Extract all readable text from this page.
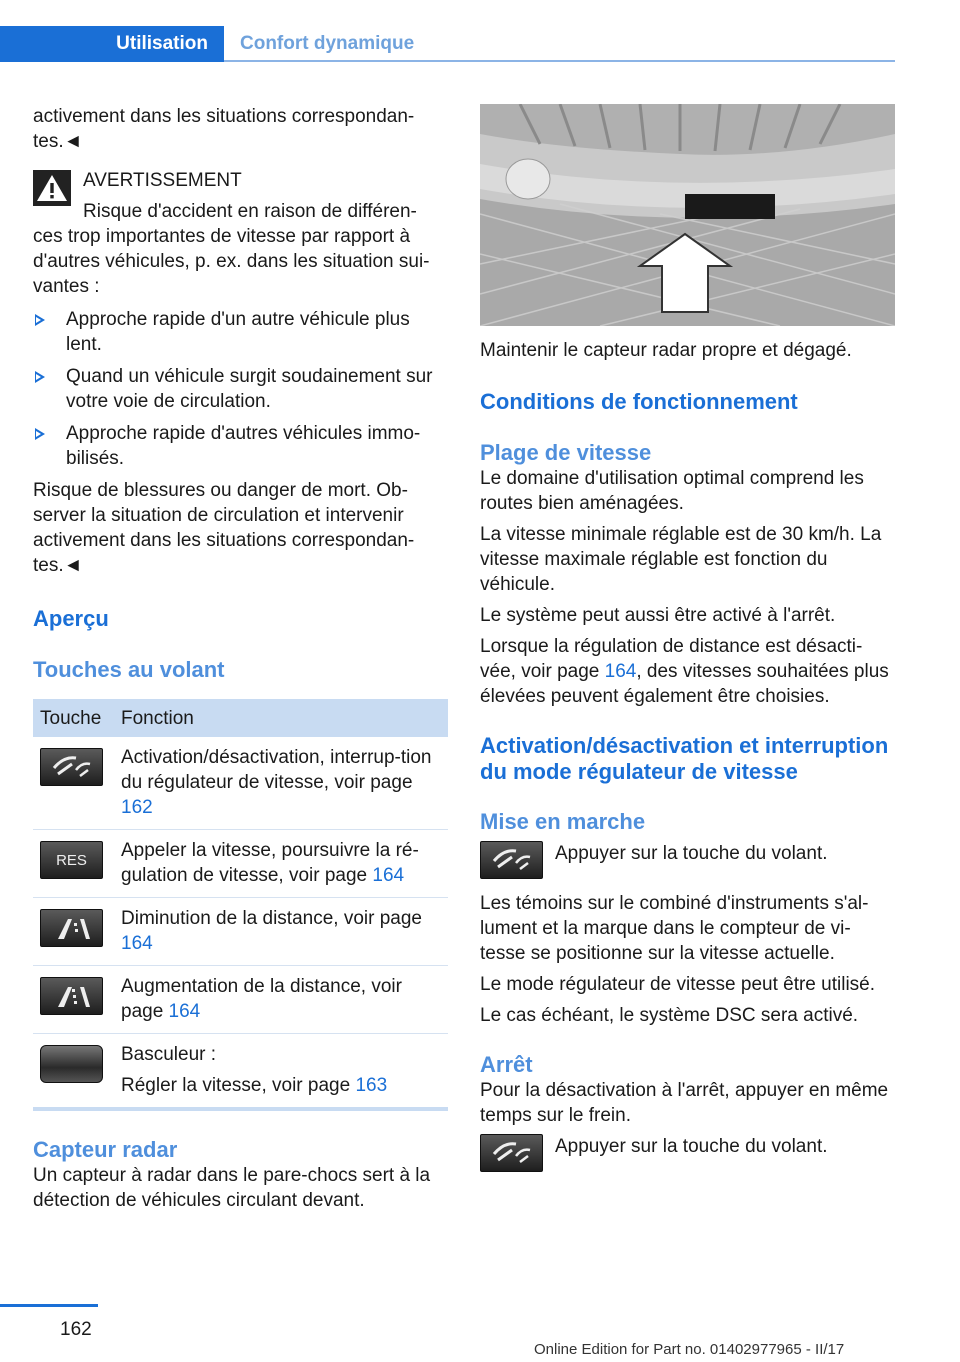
Utilisation	Confort dynamique

activement dans les situations correspondan-tes.◄

AVERTISSEMENT

Risque d'accident en raison de différen-

ces trop importantes de vitesse par rapport à d'autres véhicules, p. ex. dans les situation sui-vantes :

Approche rapide d'un autre véhicule plus lent.
Quand un véhicule surgit soudainement sur votre voie de circulation.
Approche rapide d'autres véhicules immo-bilisés.

Risque de blessures ou danger de mort. Ob-server la situation de circulation et intervenir activement dans les situations correspondan-tes.◄

Aperçu
Touches au volant
Touche	Fonction
Activation/désactivation, interrup-tion du régulateur de vitesse, voir page 162
RES	Appeler la vitesse, poursuivre la ré-gulation de vitesse, voir page 164
Diminution de la distance, voir page 164
Augmentation de la distance, voir page 164

Basculeur :

Régler la vitesse, voir page 163
Capteur radar

Un capteur à radar dans le pare-chocs sert à la détection de véhicules circulant devant.

Maintenir le capteur radar propre et dégagé.

Conditions de fonctionnement
Plage de vitesse

Le domaine d'utilisation optimal comprend les routes bien aménagées.

La vitesse minimale réglable est de 30 km/h. La vitesse maximale réglable est fonction du véhicule.

Le système peut aussi être activé à l'arrêt.

Lorsque la régulation de distance est désacti-vée, voir page 164, des vitesses souhaitées plus élevées peuvent également être choisies.

Activation/désactivation et interruption du mode régulateur de vitesse
Mise en marche

Appuyer sur la touche du volant.

Les témoins sur le combiné d'instruments s'al-lument et la marque dans le compteur de vi-tesse se positionne sur la vitesse actuelle.

Le mode régulateur de vitesse peut être utilisé.

Le cas échéant, le système DSC sera activé.

Arrêt

Pour la désactivation à l'arrêt, appuyer en même temps sur le frein.

Appuyer sur la touche du volant.

162
Online Edition for Part no. 01402977965 - II/17
